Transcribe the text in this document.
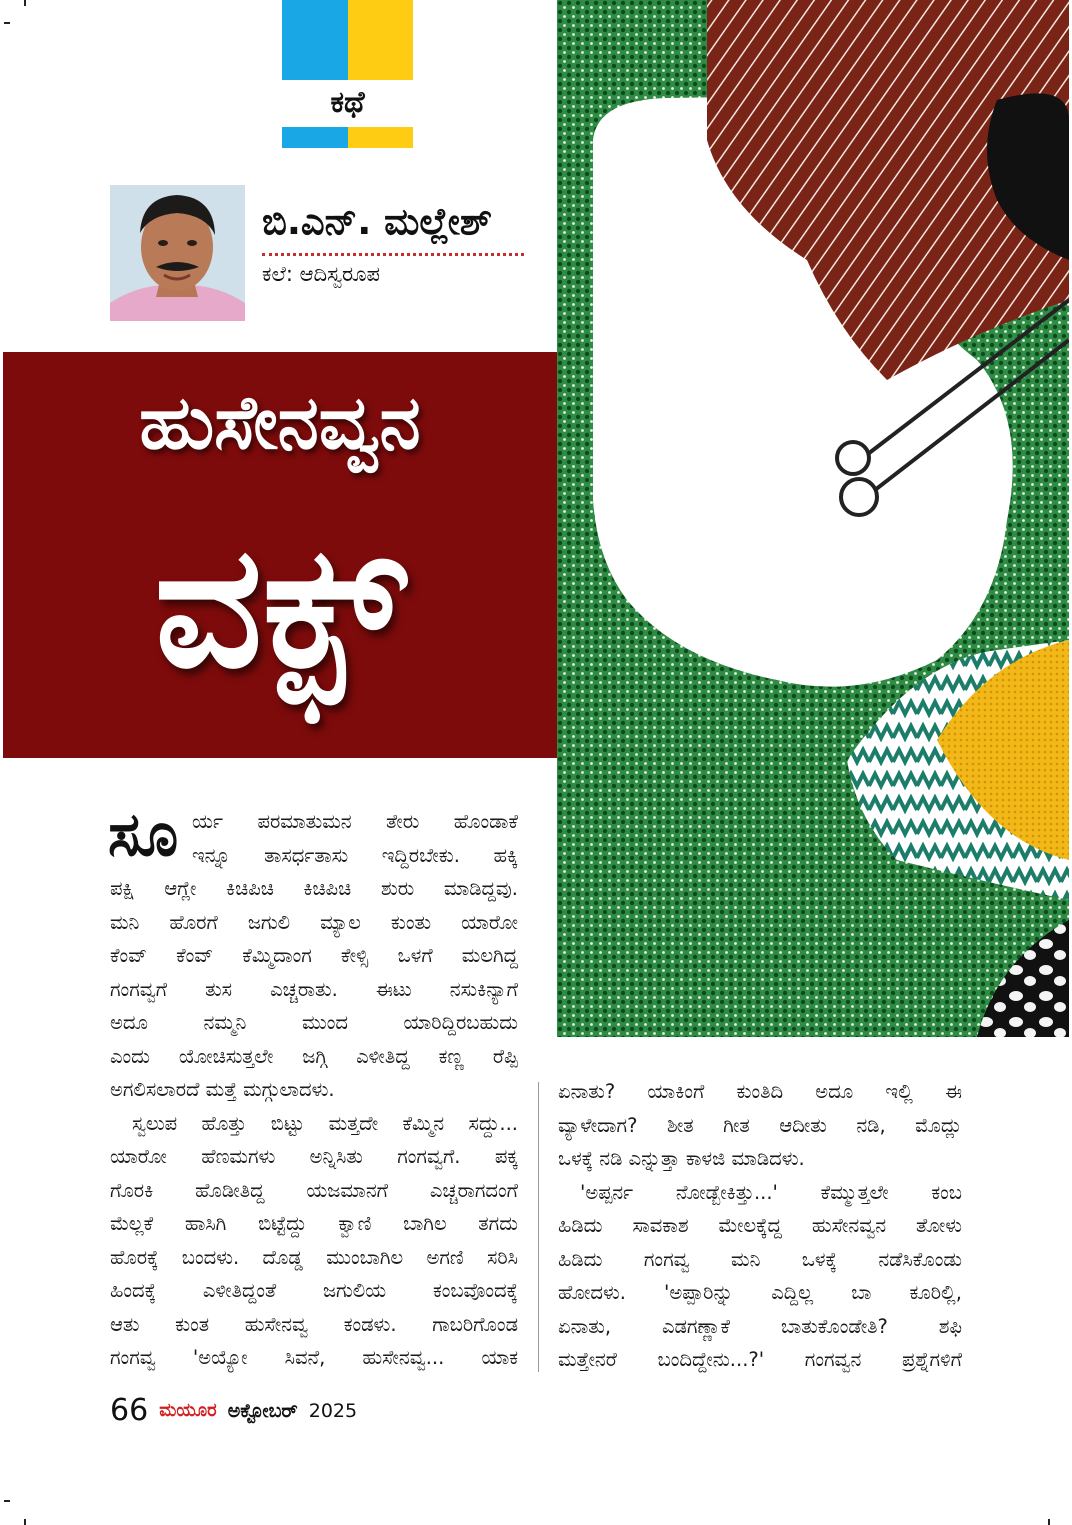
ಕಥೆ
ಬಿ.ಎನ್. ಮಲ್ಲೇಶ್
ಕಲೆ: ಆದಿಸ್ವರೂಪ
ಹುಸೇನವ್ವನ
ವಕ್ಫ್
ಸೂ ರ್ಯ ಪರಮಾತುಮನ ತೇರು ಹೊಂಡಾಕೆ
ಇನ್ನೂ ತಾಸರ್ಧತಾಸು ಇದ್ದಿರಬೇಕು. ಹಕ್ಕಿ
ಪಕ್ಷಿ ಆಗ್ಲೇ ಕಿಚಿಪಿಚಿ ಕಿಚಿಪಿಚಿ ಶುರು ಮಾಡಿದ್ದವು.
ಮನಿ ಹೊರಗೆ ಜಗುಲಿ ಮ್ಯಾಲ ಕುಂತು ಯಾರೋ
ಕೆಂವ್ ಕೆಂವ್ ಕೆಮ್ಮಿದಾಂಗ ಕೇಳ್ಸಿ ಒಳಗೆ ಮಲಗಿದ್ದ
ಗಂಗವ್ವಗೆ ತುಸ ಎಚ್ಚರಾತು. ಈಟು ನಸುಕಿನ್ಯಾಗೆ
ಅದೂ ನಮ್ಮನಿ ಮುಂದ ಯಾರಿದ್ದಿರಬಹುದು
ಎಂದು ಯೋಚಿಸುತ್ತಲೇ ಜಗ್ಗಿ ಎಳೀತಿದ್ದ ಕಣ್ಣ ರೆಪ್ಪಿ
ಅಗಲಿಸಲಾರದೆ ಮತ್ತೆ ಮಗ್ಗುಲಾದಳು.

ಸ್ವಲುಪ ಹೊತ್ತು ಬಿಟ್ಟು ಮತ್ತದೇ ಕೆಮ್ಮಿನ ಸದ್ದು...
ಯಾರೋ ಹೆಣಮಗಳು ಅನ್ನಿಸಿತು ಗಂಗವ್ವಗೆ. ಪಕ್ಕ
ಗೊರಕಿ ಹೊಡೀತಿದ್ದ ಯಜಮಾನಗೆ ಎಚ್ಚರಾಗದಂಗೆ
ಮೆಲ್ಲಕೆ ಹಾಸಿಗಿ ಬಿಟ್ಟೆದ್ದು ಕ್ವಾಣಿ ಬಾಗಿಲ ತಗದು
ಹೊರಕ್ಕೆ ಬಂದಳು. ದೊಡ್ಡ ಮುಂಬಾಗಿಲ ಅಗಣಿ ಸರಿಸಿ
ಹಿಂದಕ್ಕೆ ಎಳೀತಿದ್ದಂತೆ ಜಗುಲಿಯ ಕಂಬವೊಂದಕ್ಕೆ
ಆತು ಕುಂತ ಹುಸೇನವ್ವ ಕಂಡಳು. ಗಾಬರಿಗೊಂಡ
ಗಂಗವ್ವ 'ಅಯ್ಯೋ ಸಿವನೆ, ಹುಸೇನವ್ವ... ಯಾಕ

ಏನಾತು? ಯಾಕಿಂಗೆ ಕುಂತಿದಿ ಅದೂ ಇಲ್ಲಿ ಈ
ವ್ಯಾಳೇದಾಗ? ಶೀತ ಗೀತ ಆದೀತು ನಡಿ, ಮೊದ್ಲು
ಒಳಕ್ಕೆ ನಡಿ ಎನ್ನುತ್ತಾ ಕಾಳಜಿ ಮಾಡಿದಳು.

'ಅಪ್ಪರ್ನ ನೋಡ್ಬೇಕಿತ್ತು...' ಕೆಮ್ಮುತ್ತಲೇ ಕಂಬ
ಹಿಡಿದು ಸಾವಕಾಶ ಮೇಲಕ್ಕೆದ್ದ ಹುಸೇನವ್ವನ ತೋಳು
ಹಿಡಿದು ಗಂಗವ್ವ ಮನಿ ಒಳಕ್ಕೆ ನಡೆಸಿಕೊಂಡು
ಹೋದಳು. 'ಅಪ್ಪಾರಿನ್ನು ಎದ್ದಿಲ್ಲ ಬಾ ಕೂರಿಲ್ಲಿ,
ಏನಾತು, ಎಡಗಣ್ಣಾಕೆ ಬಾತುಕೊಂಡೇತಿ? ಶಫಿ
ಮತ್ತೇನರೆ ಬಂದಿದ್ದೇನು...?' ಗಂಗವ್ವನ ಪ್ರಶ್ನೆಗಳಿಗೆ

66 ಮಯೂರ ಅಕ್ಟೋಬರ್ 2025
